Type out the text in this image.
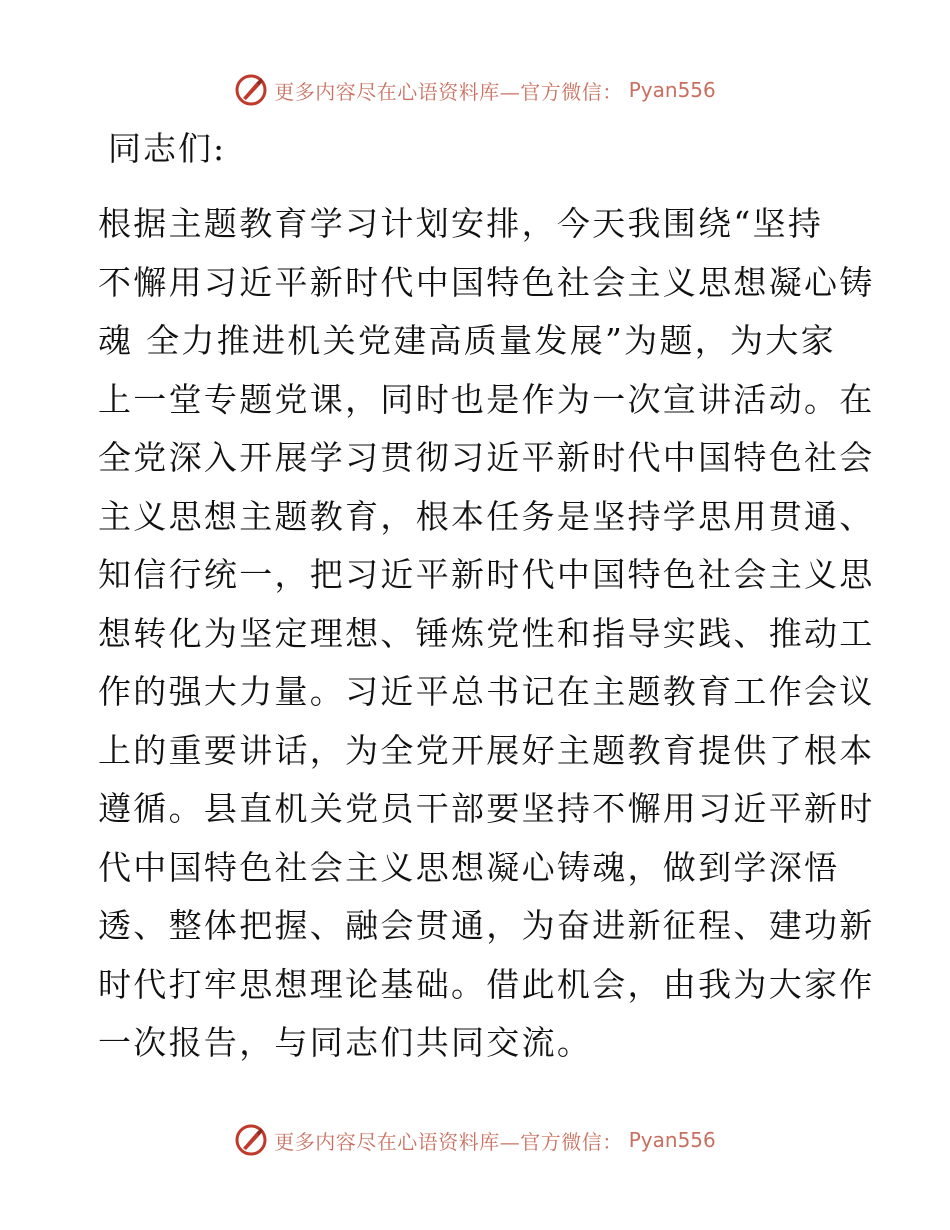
更多内容尽在心语资料库—官方微信： Pyan556
同志们:
根据主题教育学习计划安排，今天我围绕“坚持
不懈用习近平新时代中国特色社会主义思想凝心铸
魂 全力推进机关党建高质量发展”为题，为大家
上一堂专题党课，同时也是作为一次宣讲活动。在
全党深入开展学习贯彻习近平新时代中国特色社会
主义思想主题教育，根本任务是坚持学思用贯通、
知信行统一，把习近平新时代中国特色社会主义思
想转化为坚定理想、锤炼党性和指导实践、推动工
作的强大力量。习近平总书记在主题教育工作会议
上的重要讲话，为全党开展好主题教育提供了根本
遵循。县直机关党员干部要坚持不懈用习近平新时
代中国特色社会主义思想凝心铸魂，做到学深悟
透、整体把握、融会贯通，为奋进新征程、建功新
时代打牢思想理论基础。借此机会，由我为大家作
一次报告，与同志们共同交流。
更多内容尽在心语资料库—官方微信： Pyan556
